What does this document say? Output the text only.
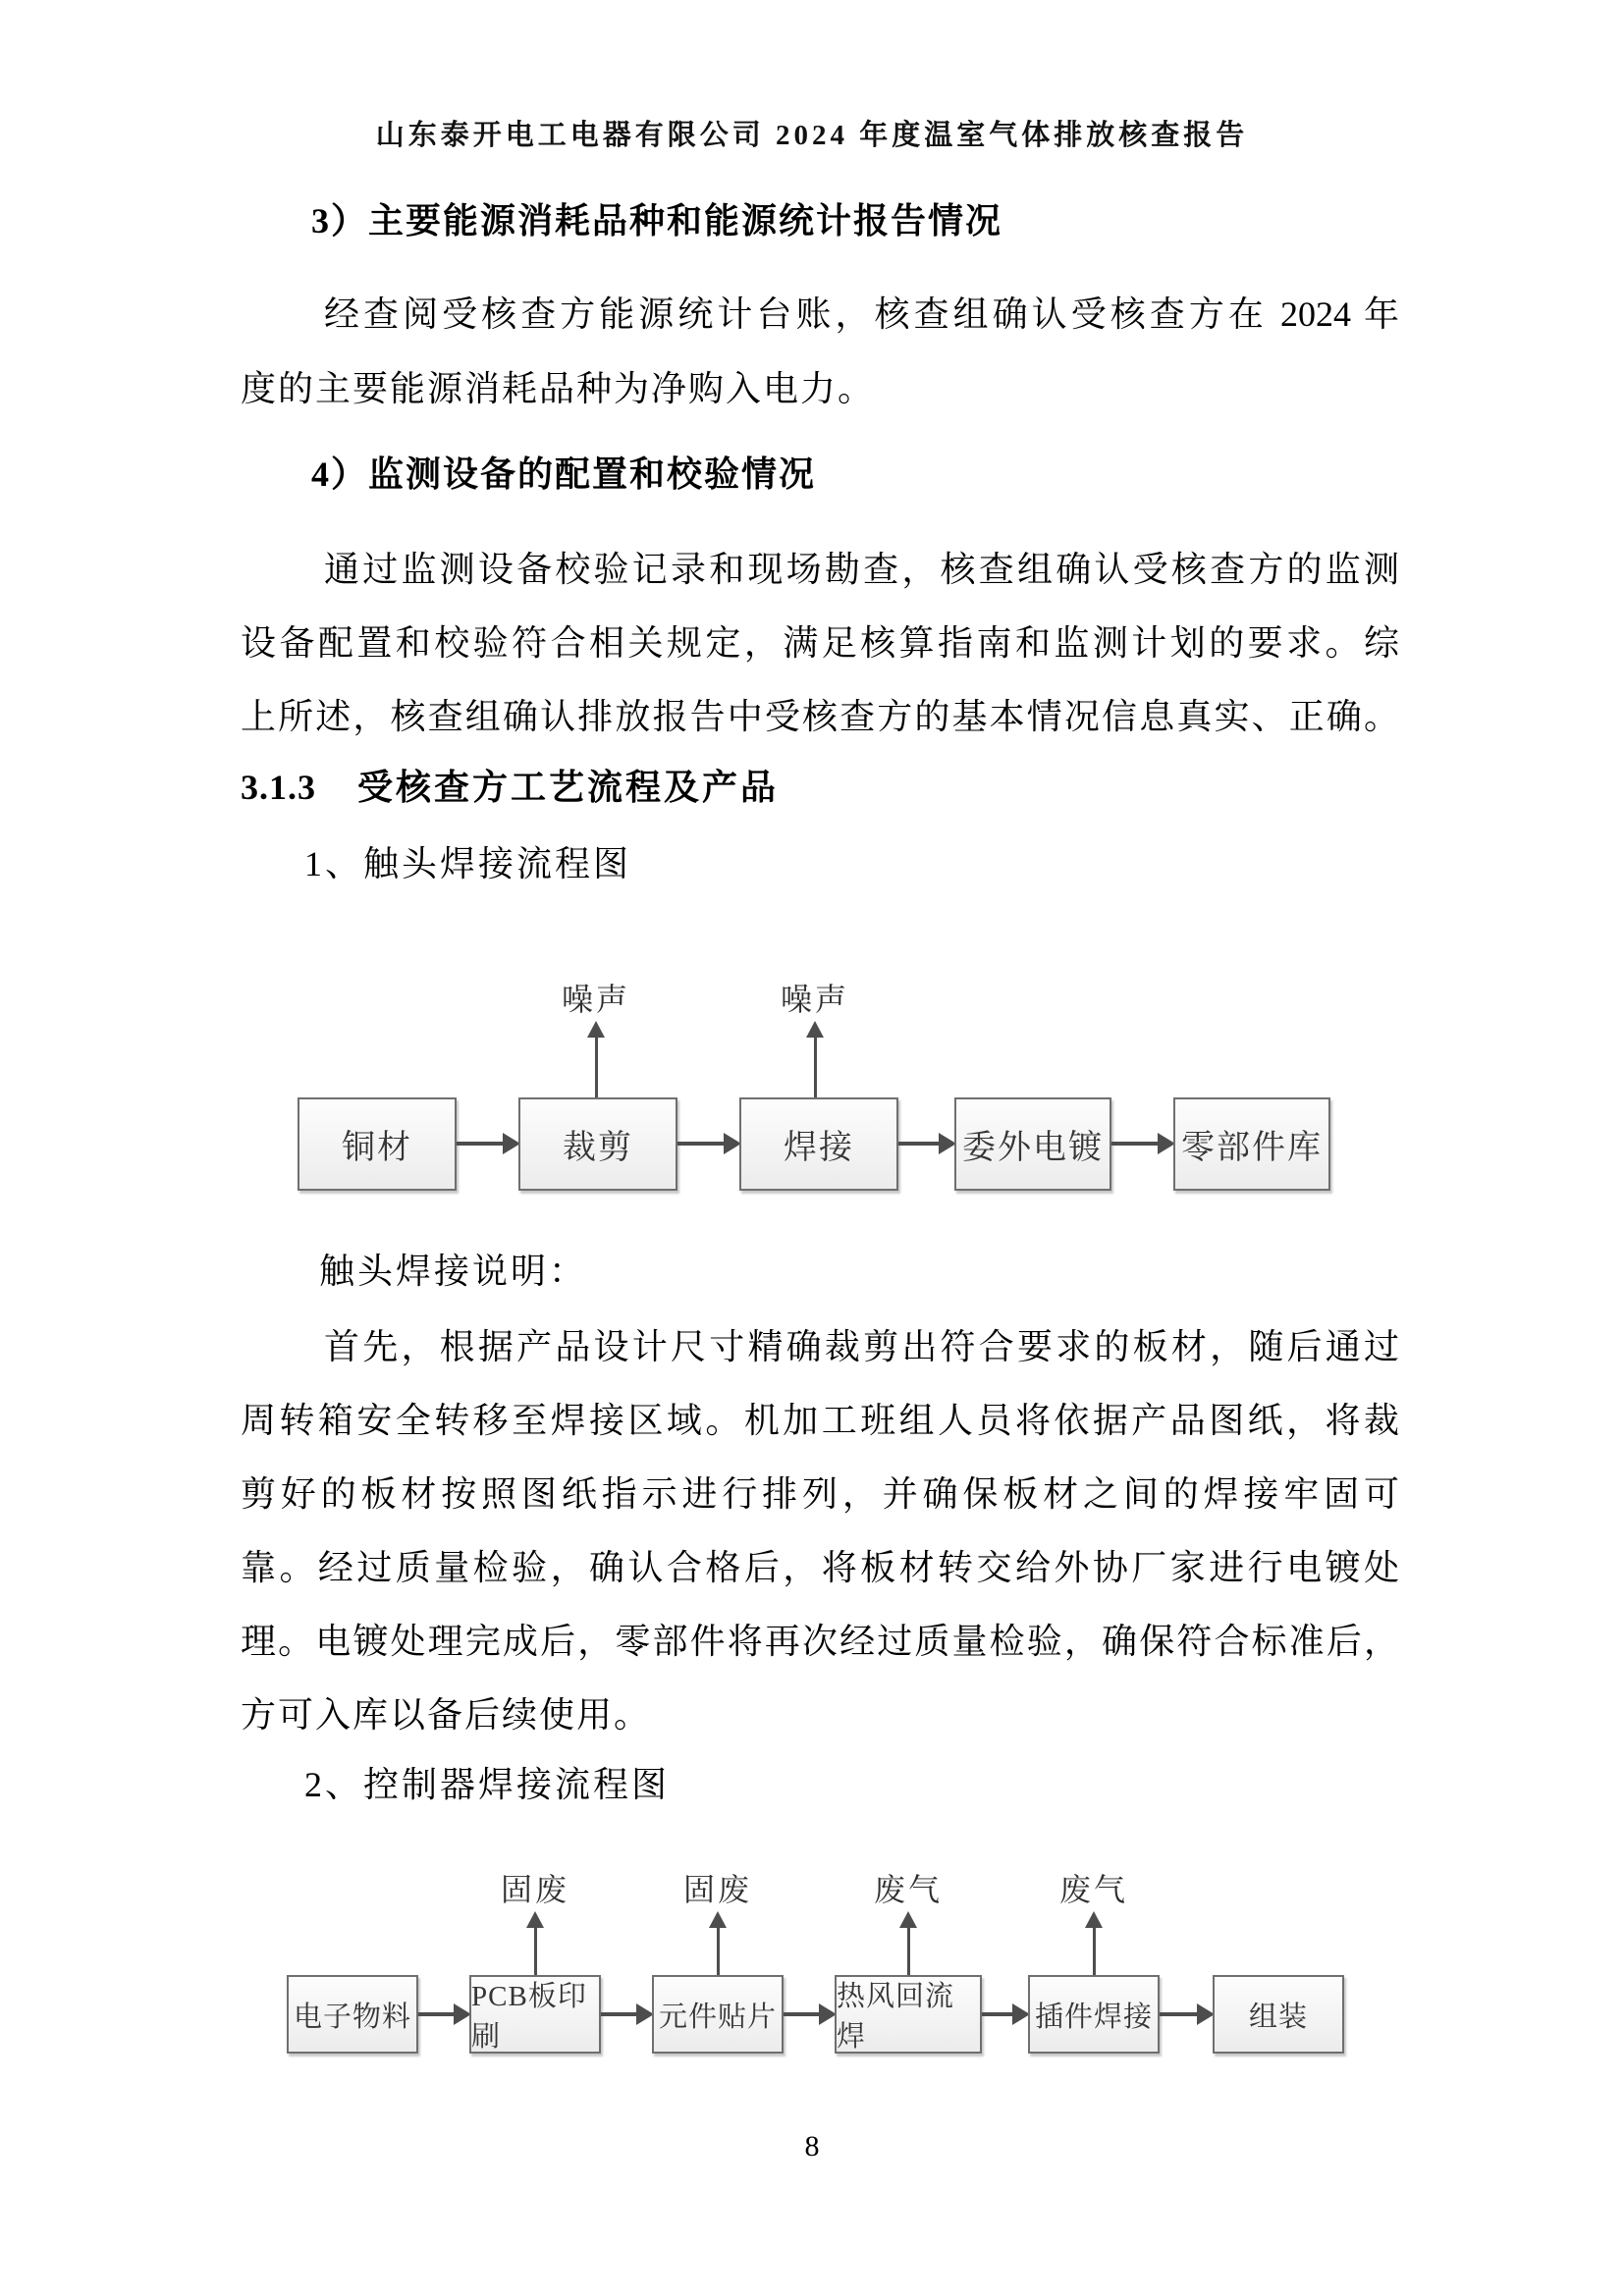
山东泰开电工电器有限公司 2024 年度温室气体排放核查报告
3）主要能源消耗品种和能源统计报告情况
经查阅受核查方能源统计台账，核查组确认受核查方在 2024 年
度的主要能源消耗品种为净购入电力。
4）监测设备的配置和校验情况
通过监测设备校验记录和现场勘查，核查组确认受核查方的监测
设备配置和校验符合相关规定，满足核算指南和监测计划的要求。综
上所述，核查组确认排放报告中受核查方的基本情况信息真实、正确。
3.1.3 受核查方工艺流程及产品
1、触头焊接流程图
噪声	噪声
铜材	裁剪	焊接	委外电镀 零部件库
触头焊接说明：
首先，根据产品设计尺寸精确裁剪出符合要求的板材，随后通过
周转箱安全转移至焊接区域。机加工班组人员将依据产品图纸，将裁
剪好的板材按照图纸指示进行排列，并确保板材之间的焊接牢固可
靠。经过质量检验，确认合格后，将板材转交给外协厂家进行电镀处
理。电镀处理完成后，零部件将再次经过质量检验，确保符合标准后，
方可入库以备后续使用。
2、控制器焊接流程图
固废	固废	废气	废气
电子物料
PCB板印刷
元件贴片
热风回流焊
插件焊接	组装
8
